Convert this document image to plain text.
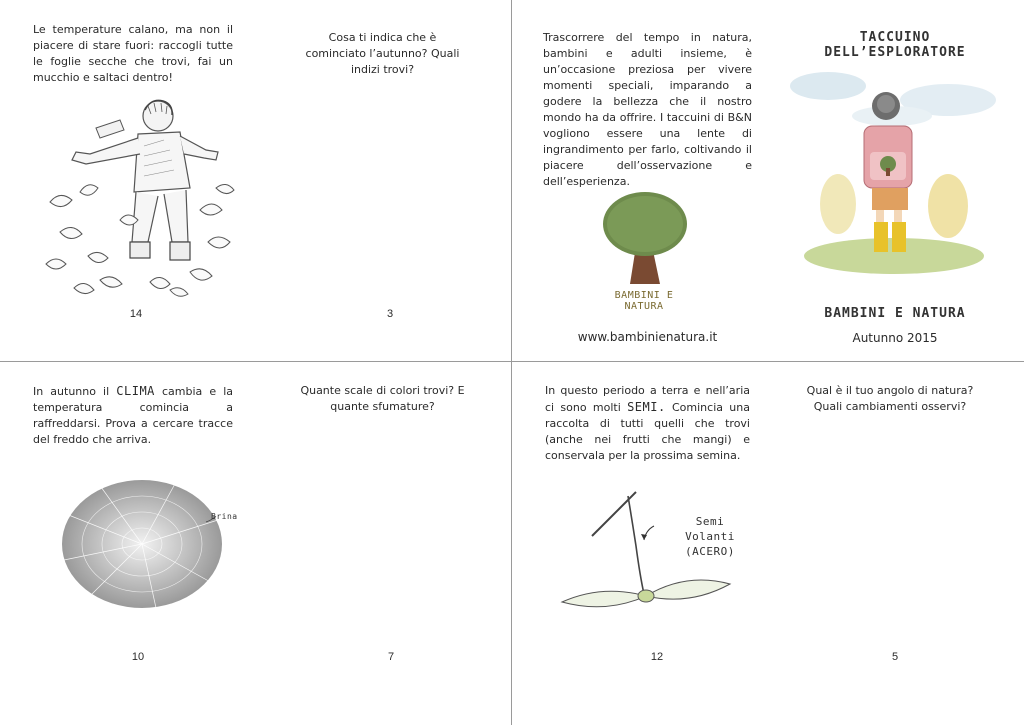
Le temperature calano, ma non il piacere di stare fuori: raccogli tutte le foglie secche che trovi, fai un mucchio e saltaci dentro!
14
Cosa ti indica che è cominciato l’autunno? Quali indizi trovi?
3
Trascorrere del tempo in natura, bambini e adulti insieme, è un’occasione preziosa per vivere momenti speciali, imparando a godere la bellezza che il nostro mondo ha da offrire. I taccuini di B&N vogliono essere una lente di ingrandimento per farlo, coltivando il piacere dell’osservazione e dell’esperienza.
BAMBINI E NATURA
www.bambinienatura.it
TACCUINO DELL’ESPLORATORE
BAMBINI E NATURA
Autunno 2015
In autunno il CLIMA cambia e la temperatura comincia a raffreddarsi. Prova a cercare tracce del freddo che arriva.
Brina
10
Quante scale di colori trovi? E quante sfumature?
7
In questo periodo a terra e nell’aria ci sono molti SEMI. Comincia una raccolta di tutti quelli che trovi (anche nei frutti che mangi) e conservala per la prossima semina.
Semi
Volanti
(ACERO)
12
Qual è il tuo angolo di natura? Quali cambiamenti osservi?
5
